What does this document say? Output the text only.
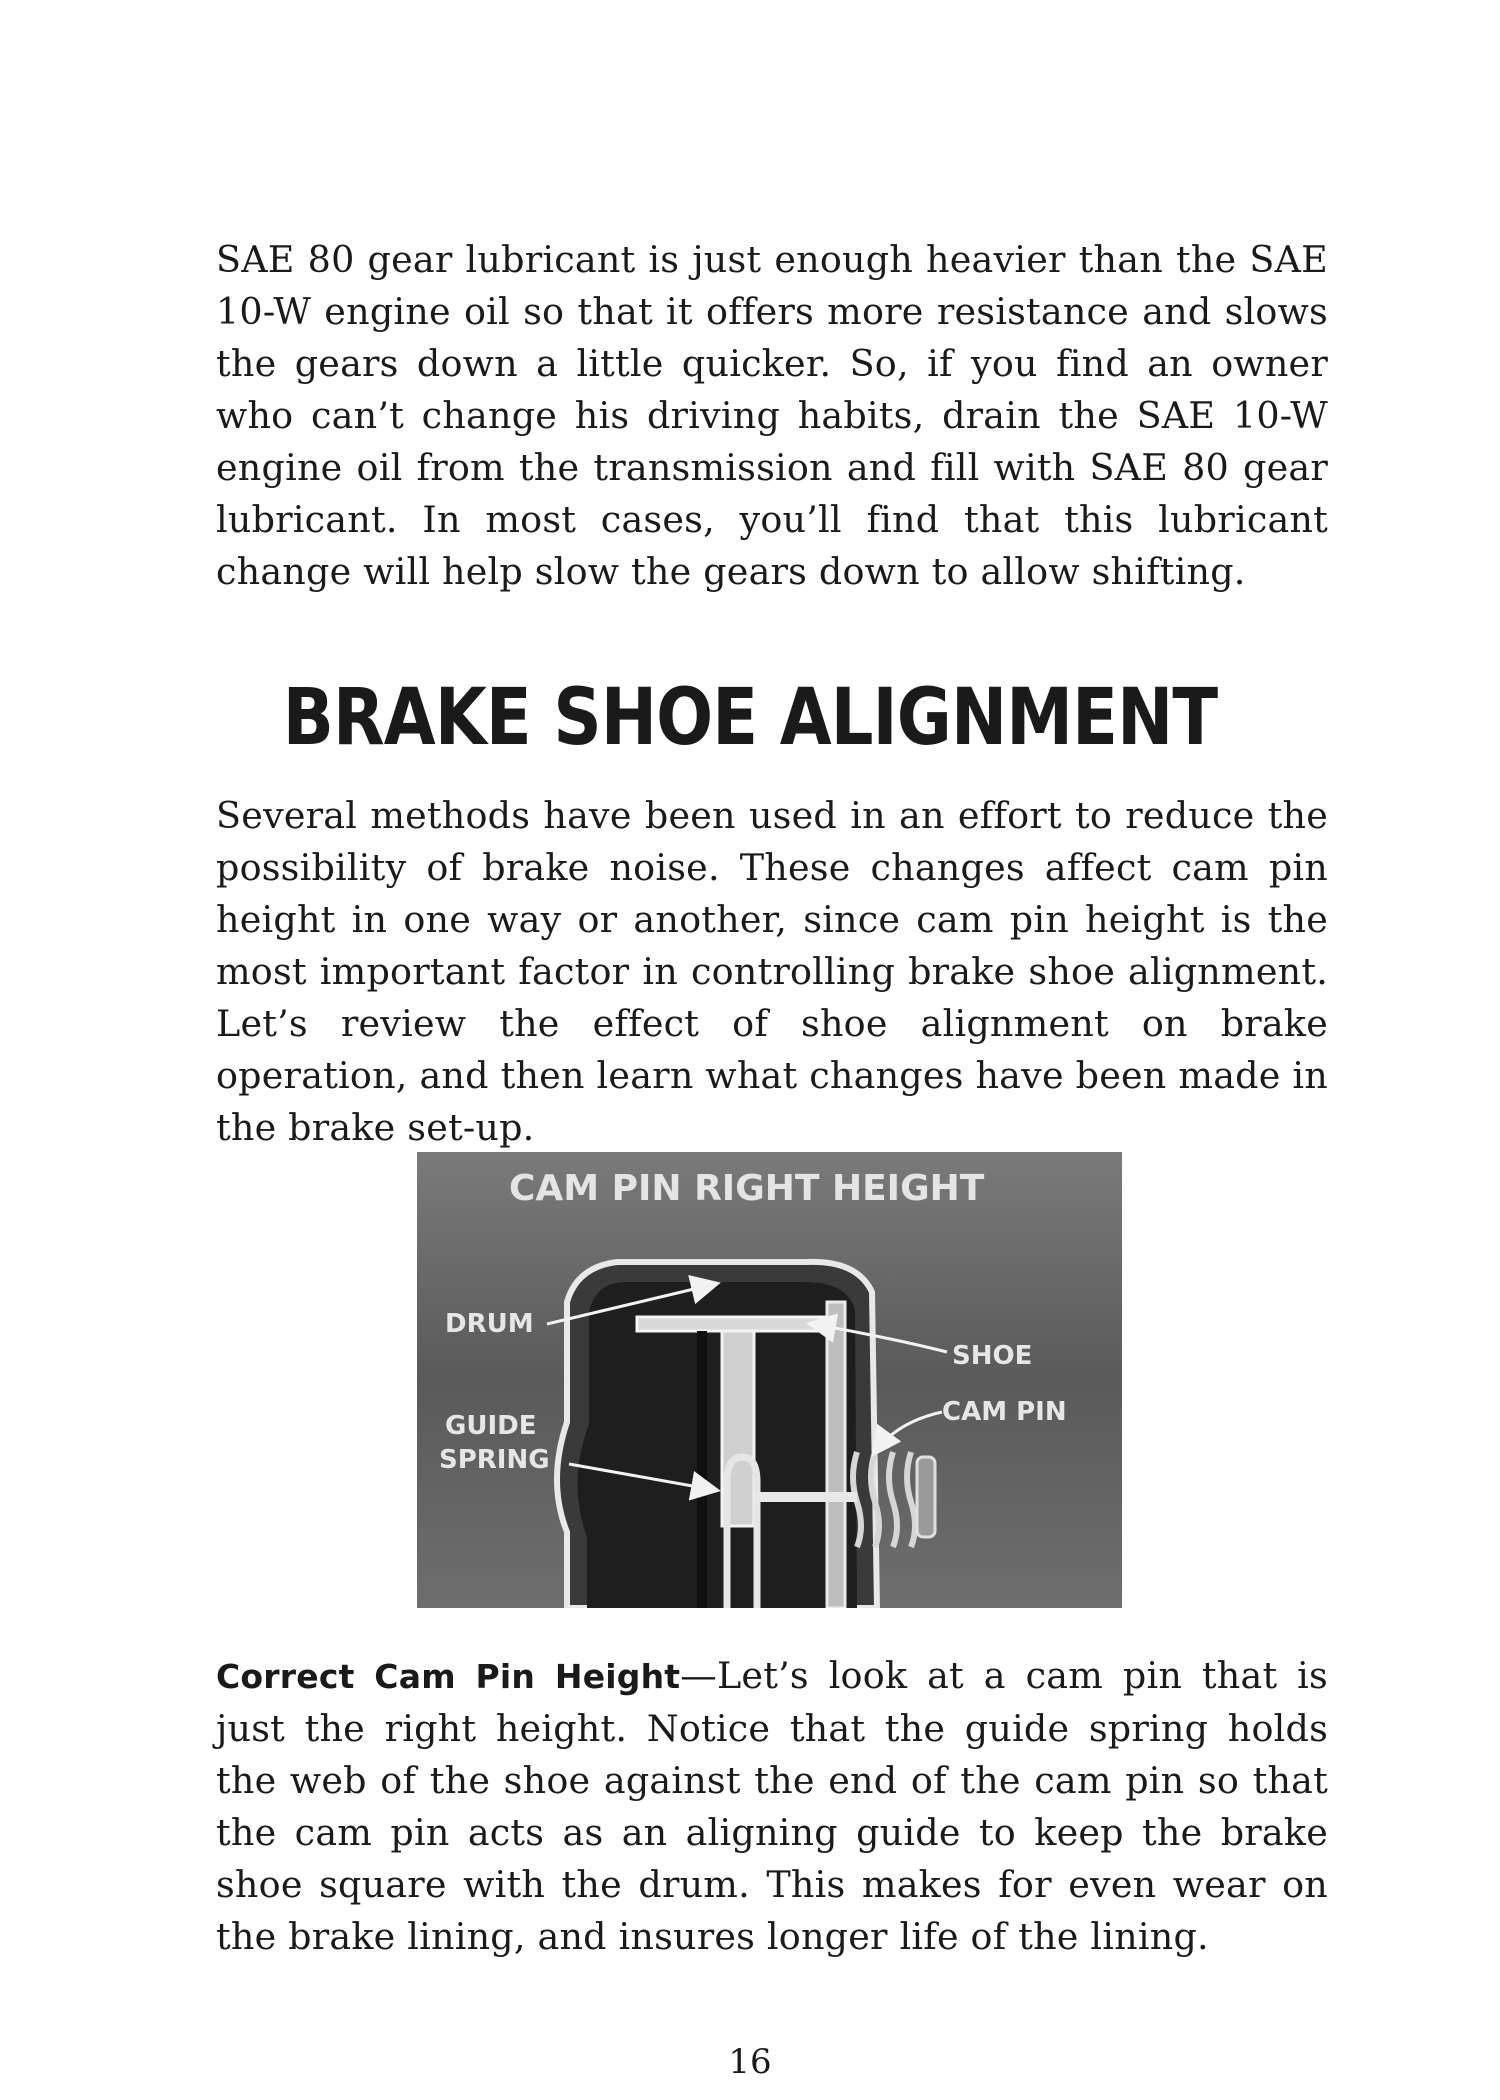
SAE 80 gear lubricant is just enough heavier than the SAE 10-W engine oil so that it offers more resistance and slows the gears down a little quicker. So, if you find an owner who can’t change his driving habits, drain the SAE 10-W engine oil from the transmission and fill with SAE 80 gear lubricant. In most cases, you’ll find that this lubricant change will help slow the gears down to allow shifting.

BRAKE SHOE ALIGNMENT

Several methods have been used in an effort to reduce the possibility of brake noise. These changes affect cam pin height in one way or another, since cam pin height is the most important factor in controlling brake shoe alignment. Let’s review the effect of shoe alignment on brake operation, and then learn what changes have been made in the brake set-up.

CAM PIN RIGHT HEIGHT
DRUM
GUIDE
SPRING
SHOE
CAM PIN

Correct Cam Pin Height—Let’s look at a cam pin that is just the right height. Notice that the guide spring holds the web of the shoe against the end of the cam pin so that the cam pin acts as an aligning guide to keep the brake shoe square with the drum. This makes for even wear on the brake lining, and insures longer life of the lining.

16
